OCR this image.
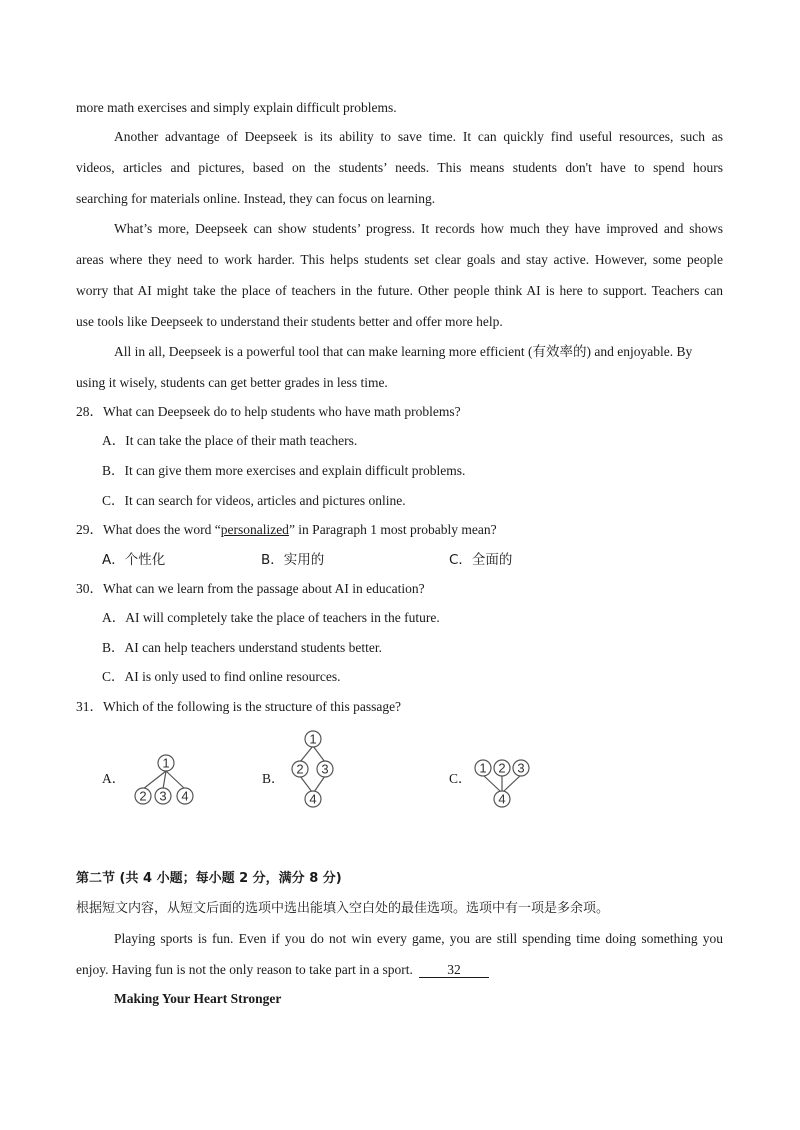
more math exercises and simply explain difficult problems.
Another advantage of Deepseek is its ability to save time. It can quickly find useful resources, such as
videos, articles and pictures, based on the students’ needs. This means students don't have to spend hours
searching for materials online. Instead, they can focus on learning.
What’s more, Deepseek can show students’ progress. It records how much they have improved and shows
areas where they need to work harder. This helps students set clear goals and stay active. However, some people
worry that AI might take the place of teachers in the future. Other people think AI is here to support. Teachers can
use tools like Deepseek to understand their students better and offer more help.
All in all, Deepseek is a powerful tool that can make learning more efficient (有效率的) and enjoyable. By
using it wisely, students can get better grades in less time.
28．What can Deepseek do to help students who have math problems?
A．It can take the place of their math teachers.
B．It can give them more exercises and explain difficult problems.
C．It can search for videos, articles and pictures online.
29．What does the word “personalized” in Paragraph 1 most probably mean?
A．个性化	B．实用的	C．全面的
30．What can we learn from the passage about AI in education?
A．AI will completely take the place of teachers in the future.
B．AI can help teachers understand students better.
C．AI is only used to find online resources.
31．Which of the following is the structure of this passage?
A．
1
2 3 4
B．
1
2 3
4
C．
1 2 3
4
第二节 (共 4 小题；每小题 2 分，满分 8 分)
根据短文内容，从短文后面的选项中选出能填入空白处的最佳选项。选项中有一项是多余项。
Playing sports is fun. Even if you do not win every game, you are still spending time doing something you
enjoy. Having fun is not the only reason to take part in a sport.	32
Making Your Heart Stronger
